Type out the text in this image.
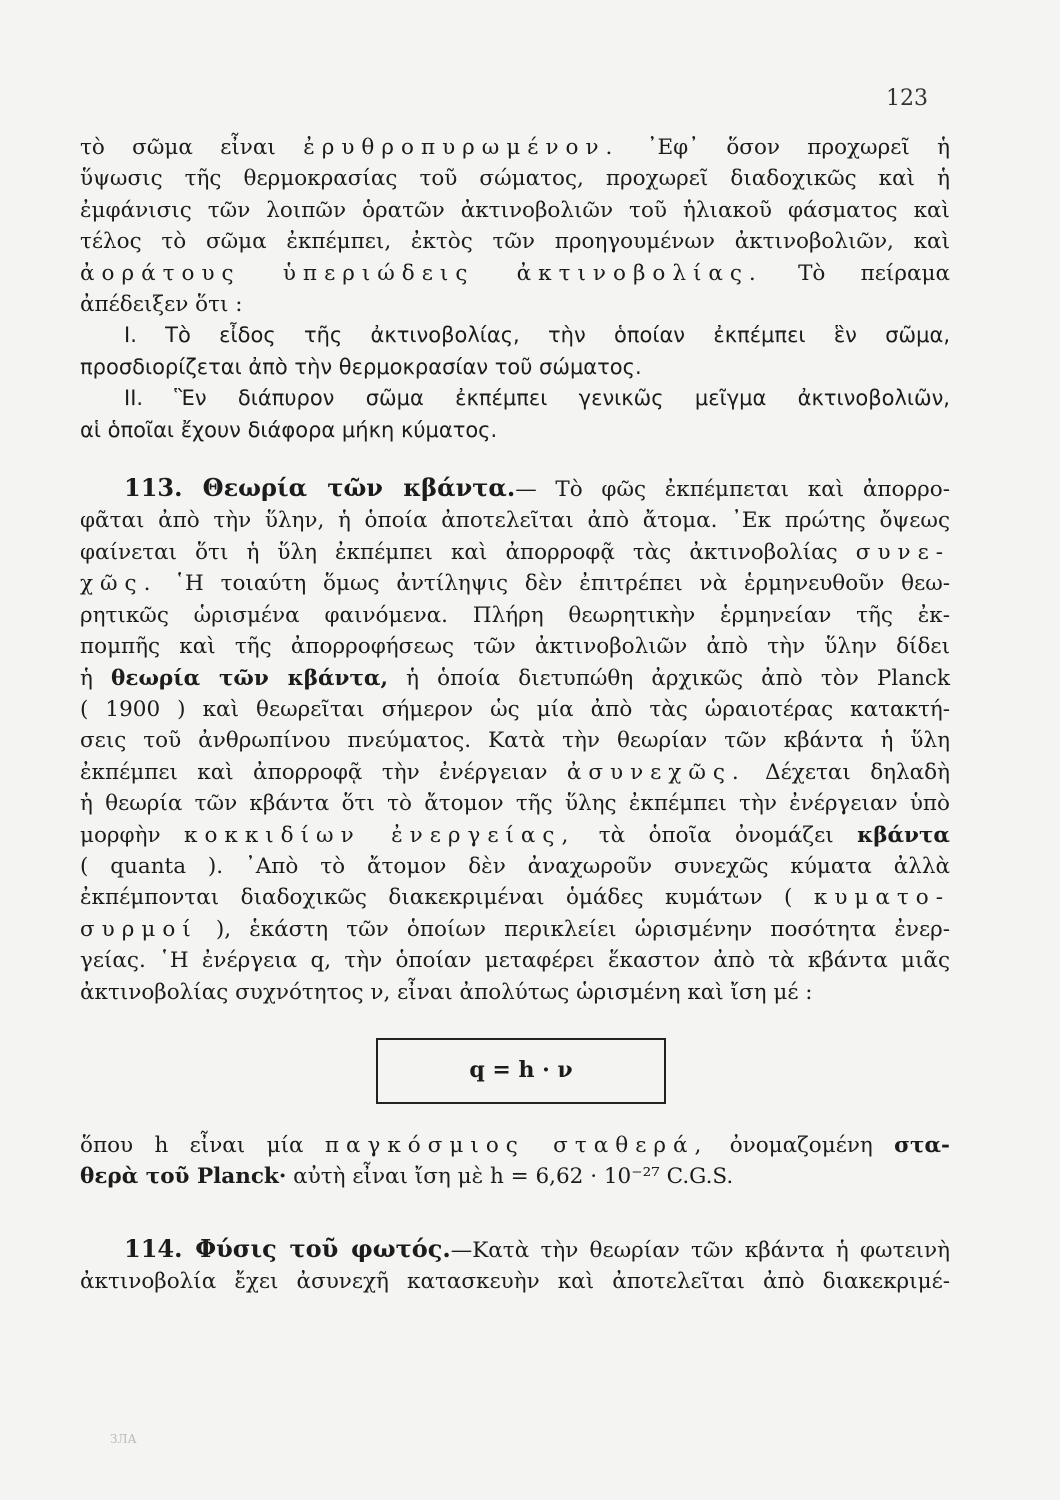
123
τὸ σῶμα εἶναι ἐρυθροπυρωμένον. ᾿Εφ᾿ ὅσον προχωρεῖ ἡ
ὕψωσις τῆς θερμοκρασίας τοῦ σώματος, προχωρεῖ διαδοχικῶς καὶ ἡ
ἐμφάνισις τῶν λοιπῶν ὁρατῶν ἀκτινοβολιῶν τοῦ ἡλιακοῦ φάσματος καὶ
τέλος τὸ σῶμα ἐκπέμπει, ἐκτὸς τῶν προηγουμένων ἀκτινοβολιῶν, καὶ
ἀοράτους ὑπεριώδεις ἀκτινοβολίας. Τὸ πείραμα
ἀπέδειξεν ὅτι :
Ι. Τὸ εἶδος τῆς ἀκτινοβολίας, τὴν ὁποίαν ἐκπέμπει ἓν σῶμα,
προσδιορίζεται ἀπὸ τὴν θερμοκρασίαν τοῦ σώματος.
ΙΙ. Ἓν διάπυρον σῶμα ἐκπέμπει γενικῶς μεῖγμα ἀκτινοβολιῶν,
αἱ ὁποῖαι ἔχουν διάφορα μήκη κύματος.
113. Θεωρία τῶν κβάντα.— Τὸ φῶς ἐκπέμπεται καὶ ἀπορρο-
φᾶται ἀπὸ τὴν ὕλην, ἡ ὁποία ἀποτελεῖται ἀπὸ ἄτομα. ᾿Εκ πρώτης ὄψεως
φαίνεται ὅτι ἡ ὕλη ἐκπέμπει καὶ ἀπορροφᾷ τὰς ἀκτινοβολίας συνε-
χῶς. ῾Η τοιαύτη ὅμως ἀντίληψις δὲν ἐπιτρέπει νὰ ἑρμηνευθοῦν θεω-
ρητικῶς ὡρισμένα φαινόμενα. Πλήρη θεωρητικὴν ἑρμηνείαν τῆς ἐκ-
πομπῆς καὶ τῆς ἀπορροφήσεως τῶν ἀκτινοβολιῶν ἀπὸ τὴν ὕλην δίδει
ἡ θεωρία τῶν κβάντα, ἡ ὁποία διετυπώθη ἀρχικῶς ἀπὸ τὸν Planck
( 1900 ) καὶ θεωρεῖται σήμερον ὡς μία ἀπὸ τὰς ὡραιοτέρας κατακτή-
σεις τοῦ ἀνθρωπίνου πνεύματος. Κατὰ τὴν θεωρίαν τῶν κβάντα ἡ ὕλη
ἐκπέμπει καὶ ἀπορροφᾷ τὴν ἐνέργειαν ἀσυνεχῶς. Δέχεται δηλαδὴ
ἡ θεωρία τῶν κβάντα ὅτι τὸ ἄτομον τῆς ὕλης ἐκπέμπει τὴν ἐνέργειαν ὑπὸ
μορφὴν κοκκιδίων ἐνεργείας, τὰ ὁποῖα ὀνομάζει κβάντα
( quanta ). ᾿Απὸ τὸ ἄτομον δὲν ἀναχωροῦν συνεχῶς κύματα ἀλλὰ
ἐκπέμπονται διαδοχικῶς διακεκριμέναι ὁμάδες κυμάτων ( κυματο-
συρμοί ), ἑκάστη τῶν ὁποίων περικλείει ὡρισμένην ποσότητα ἐνερ-
γείας. ῾Η ἐνέργεια q, τὴν ὁποίαν μεταφέρει ἕκαστον ἀπὸ τὰ κβάντα μιᾶς
ἀκτινοβολίας συχνότητος ν, εἶναι ἀπολύτως ὡρισμένη καὶ ἴση μέ :
q = h · ν
ὅπου h εἶναι μία παγκόσμιος σταθερά, ὀνομαζομένη στα-
θερὰ τοῦ Planck· αὐτὴ εἶναι ἴση μὲ h = 6,62 · 10⁻²⁷ C.G.S.
114. Φύσις τοῦ φωτός.—Κατὰ τὴν θεωρίαν τῶν κβάντα ἡ φωτεινὴ
ἀκτινοβολία ἔχει ἀσυνεχῆ κατασκευὴν καὶ ἀποτελεῖται ἀπὸ διακεκριμέ-
ЗЛА
